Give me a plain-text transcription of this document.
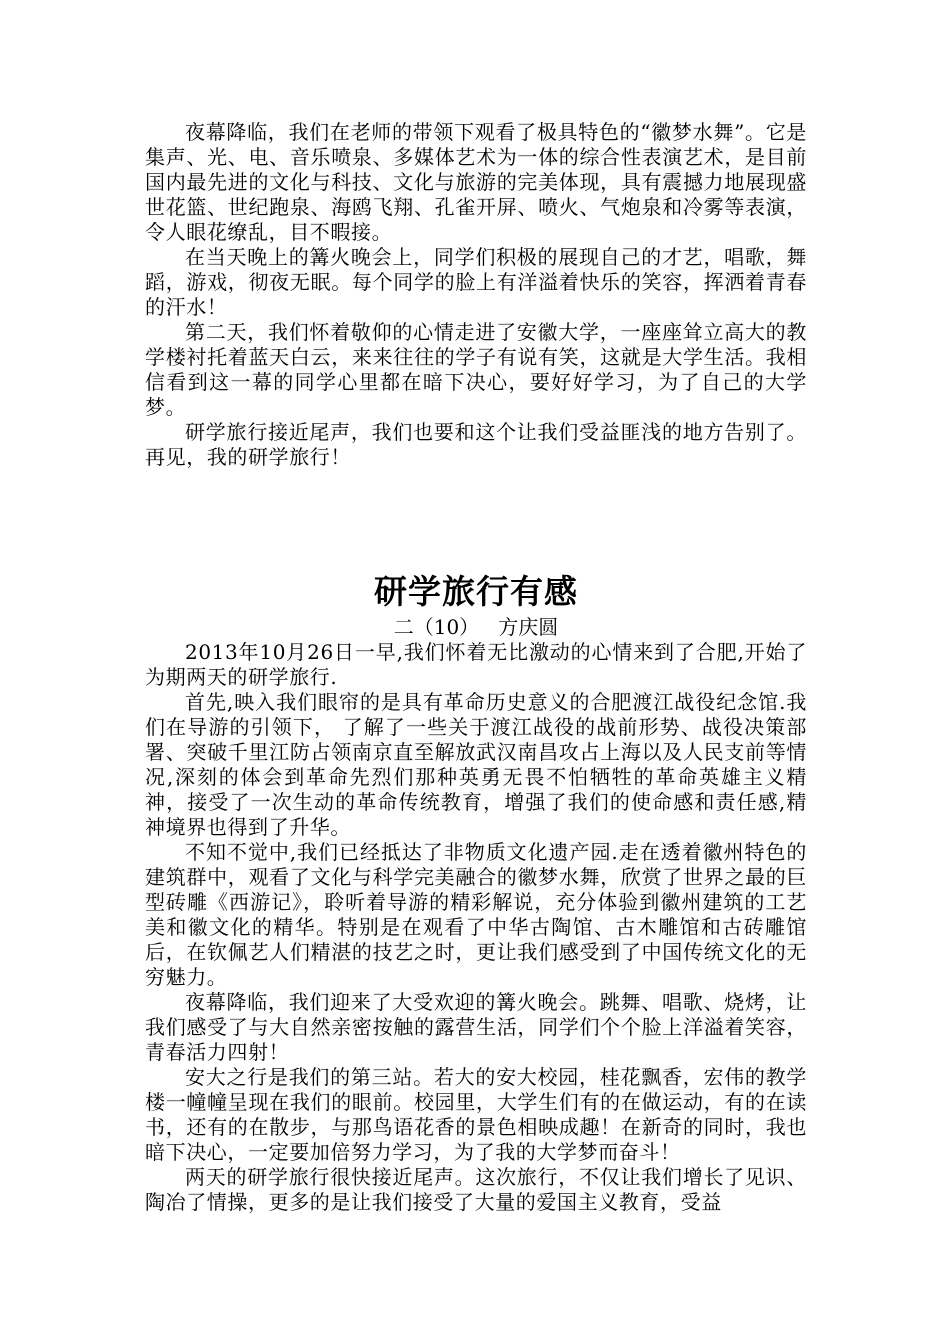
夜幕降临，我们在老师的带领下观看了极具特色的“徽梦水舞”。它是集声、光、电、音乐喷泉、多媒体艺术为一体的综合性表演艺术，是目前国内最先进的文化与科技、文化与旅游的完美体现，具有震撼力地展现盛世花篮、世纪跑泉、海鸥飞翔、孔雀开屏、喷火、气炮泉和冷雾等表演，令人眼花缭乱，目不暇接。

在当天晚上的篝火晚会上，同学们积极的展现自己的才艺，唱歌，舞蹈，游戏，彻夜无眠。每个同学的脸上有洋溢着快乐的笑容，挥洒着青春的汗水！

第二天，我们怀着敬仰的心情走进了安徽大学，一座座耸立高大的教学楼衬托着蓝天白云，来来往往的学子有说有笑，这就是大学生活。我相信看到这一幕的同学心里都在暗下决心，要好好学习，为了自己的大学梦。

研学旅行接近尾声，我们也要和这个让我们受益匪浅的地方告别了。再见，我的研学旅行！

研学旅行有感

二（10）   方庆圆

2013年10月26日一早,我们怀着无比激动的心情来到了合肥,开始了为期两天的研学旅行.

首先,映入我们眼帘的是具有革命历史意义的合肥渡江战役纪念馆.我们在导游的引领下， 了解了一些关于渡江战役的战前形势、战役决策部署、突破千里江防占领南京直至解放武汉南昌攻占上海以及人民支前等情况,深刻的体会到革命先烈们那种英勇无畏不怕牺牲的革命英雄主义精神，接受了一次生动的革命传统教育，增强了我们的使命感和责任感,精神境界也得到了升华。

不知不觉中,我们已经抵达了非物质文化遗产园.走在透着徽州特色的建筑群中，观看了文化与科学完美融合的徽梦水舞，欣赏了世界之最的巨型砖雕《西游记》，聆听着导游的精彩解说，充分体验到徽州建筑的工艺美和徽文化的精华。特别是在观看了中华古陶馆、古木雕馆和古砖雕馆后，在钦佩艺人们精湛的技艺之时，更让我们感受到了中国传统文化的无穷魅力。

夜幕降临，我们迎来了大受欢迎的篝火晚会。跳舞、唱歌、烧烤，让我们感受了与大自然亲密按触的露营生活，同学们个个脸上洋溢着笑容，青春活力四射！

安大之行是我们的第三站。若大的安大校园，桂花飘香，宏伟的教学楼一幢幢呈现在我们的眼前。校园里，大学生们有的在做运动，有的在读书，还有的在散步，与那鸟语花香的景色相映成趣！在新奇的同时，我也暗下决心，一定要加倍努力学习，为了我的大学梦而奋斗！

两天的研学旅行很快接近尾声。这次旅行，不仅让我们增长了见识、陶冶了情操，更多的是让我们接受了大量的爱国主义教育，受益
